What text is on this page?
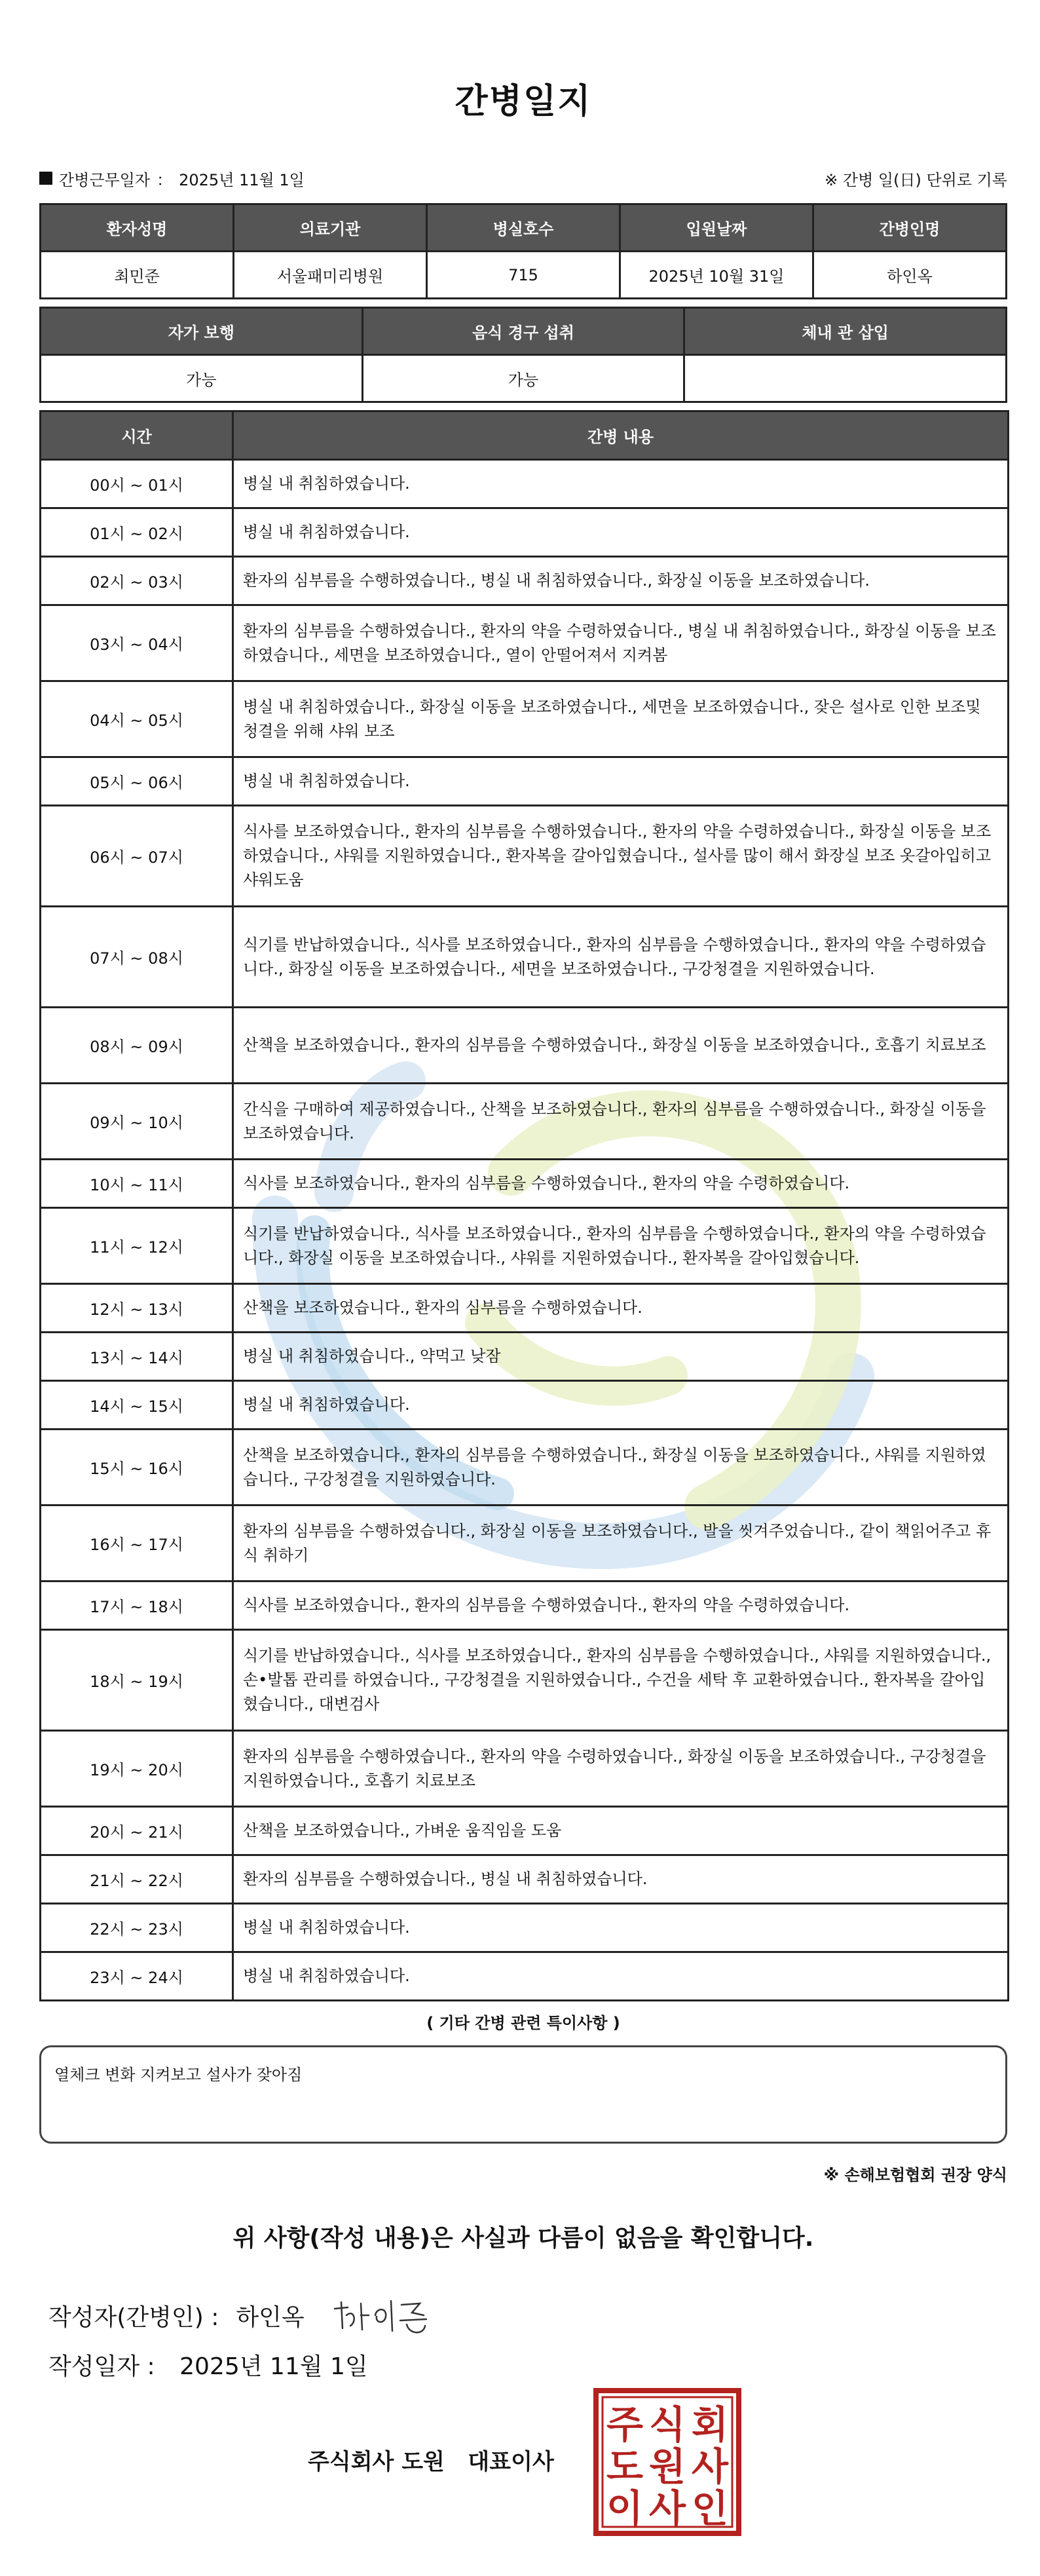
간병일지
간병근무일자 ： 2025년 11월 1일	※ 간병 일(日) 단위로 기록
환자성명	의료기관	병실호수	입원날짜	간병인명
최민준	서울패미리병원	715	2025년 10월 31일	하인옥
자가 보행	음식 경구 섭취	체내 관 삽입
가능	가능	
시간	간병 내용
00시 ~ 01시	병실 내 취침하였습니다.
01시 ~ 02시	병실 내 취침하였습니다.
02시 ~ 03시	환자의 심부름을 수행하였습니다., 병실 내 취침하였습니다., 화장실 이동을 보조하였습니다.
03시 ~ 04시	환자의 심부름을 수행하였습니다., 환자의 약을 수령하였습니다., 병실 내 취침하였습니다., 화장실 이동을 보조하였습니다., 세면을 보조하였습니다., 열이 안떨어져서 지켜봄
04시 ~ 05시	병실 내 취침하였습니다., 화장실 이동을 보조하였습니다., 세면을 보조하였습니다., 잦은 설사로 인한 보조및 청결을 위해 샤워 보조
05시 ~ 06시	병실 내 취침하였습니다.
06시 ~ 07시	식사를 보조하였습니다., 환자의 심부름을 수행하였습니다., 환자의 약을 수령하였습니다., 화장실 이동을 보조하였습니다., 샤워를 지원하였습니다., 환자복을 갈아입혔습니다., 설사를 많이 해서 화장실 보조 옷갈아입히고 샤워도움
07시 ~ 08시	식기를 반납하였습니다., 식사를 보조하였습니다., 환자의 심부름을 수행하였습니다., 환자의 약을 수령하였습니다., 화장실 이동을 보조하였습니다., 세면을 보조하였습니다., 구강청결을 지원하였습니다.
08시 ~ 09시	산책을 보조하였습니다., 환자의 심부름을 수행하였습니다., 화장실 이동을 보조하였습니다., 호흡기 치료보조
09시 ~ 10시	간식을 구매하여 제공하였습니다., 산책을 보조하였습니다., 환자의 심부름을 수행하였습니다., 화장실 이동을 보조하였습니다.
10시 ~ 11시	식사를 보조하였습니다., 환자의 심부름을 수행하였습니다., 환자의 약을 수령하였습니다.
11시 ~ 12시	식기를 반납하였습니다., 식사를 보조하였습니다., 환자의 심부름을 수행하였습니다., 환자의 약을 수령하였습니다., 화장실 이동을 보조하였습니다., 샤워를 지원하였습니다., 환자복을 갈아입혔습니다.
12시 ~ 13시	산책을 보조하였습니다., 환자의 심부름을 수행하였습니다.
13시 ~ 14시	병실 내 취침하였습니다., 약먹고 낮잠
14시 ~ 15시	병실 내 취침하였습니다.
15시 ~ 16시	산책을 보조하였습니다., 환자의 심부름을 수행하였습니다., 화장실 이동을 보조하였습니다., 샤워를 지원하였습니다., 구강청결을 지원하였습니다.
16시 ~ 17시	환자의 심부름을 수행하였습니다., 화장실 이동을 보조하였습니다., 발을 씻겨주었습니다., 같이 책읽어주고 휴식 취하기
17시 ~ 18시	식사를 보조하였습니다., 환자의 심부름을 수행하였습니다., 환자의 약을 수령하였습니다.
18시 ~ 19시	식기를 반납하였습니다., 식사를 보조하였습니다., 환자의 심부름을 수행하였습니다., 샤워를 지원하였습니다., 손•발톱 관리를 하였습니다., 구강청결을 지원하였습니다., 수건을 세탁 후 교환하였습니다., 환자복을 갈아입혔습니다., 대변검사
19시 ~ 20시	환자의 심부름을 수행하였습니다., 환자의 약을 수령하였습니다., 화장실 이동을 보조하였습니다., 구강청결을 지원하였습니다., 호흡기 치료보조
20시 ~ 21시	산책을 보조하였습니다., 가벼운 움직임을 도움
21시 ~ 22시	환자의 심부름을 수행하였습니다., 병실 내 취침하였습니다.
22시 ~ 23시	병실 내 취침하였습니다.
23시 ~ 24시	병실 내 취침하였습니다.
( 기타 간병 관련 특이사항 )
열체크 변화 지켜보고 설사가 잦아짐
※ 손해보험협회 권장 양식
위 사항(작성 내용)은 사실과 다름이 없음을 확인합니다.
작성자(간병인) : 하인옥
작성일자 : 2025년 11월 1일
주식회사 도원   대표이사
주 식 회
도 원 사
이 사 인
